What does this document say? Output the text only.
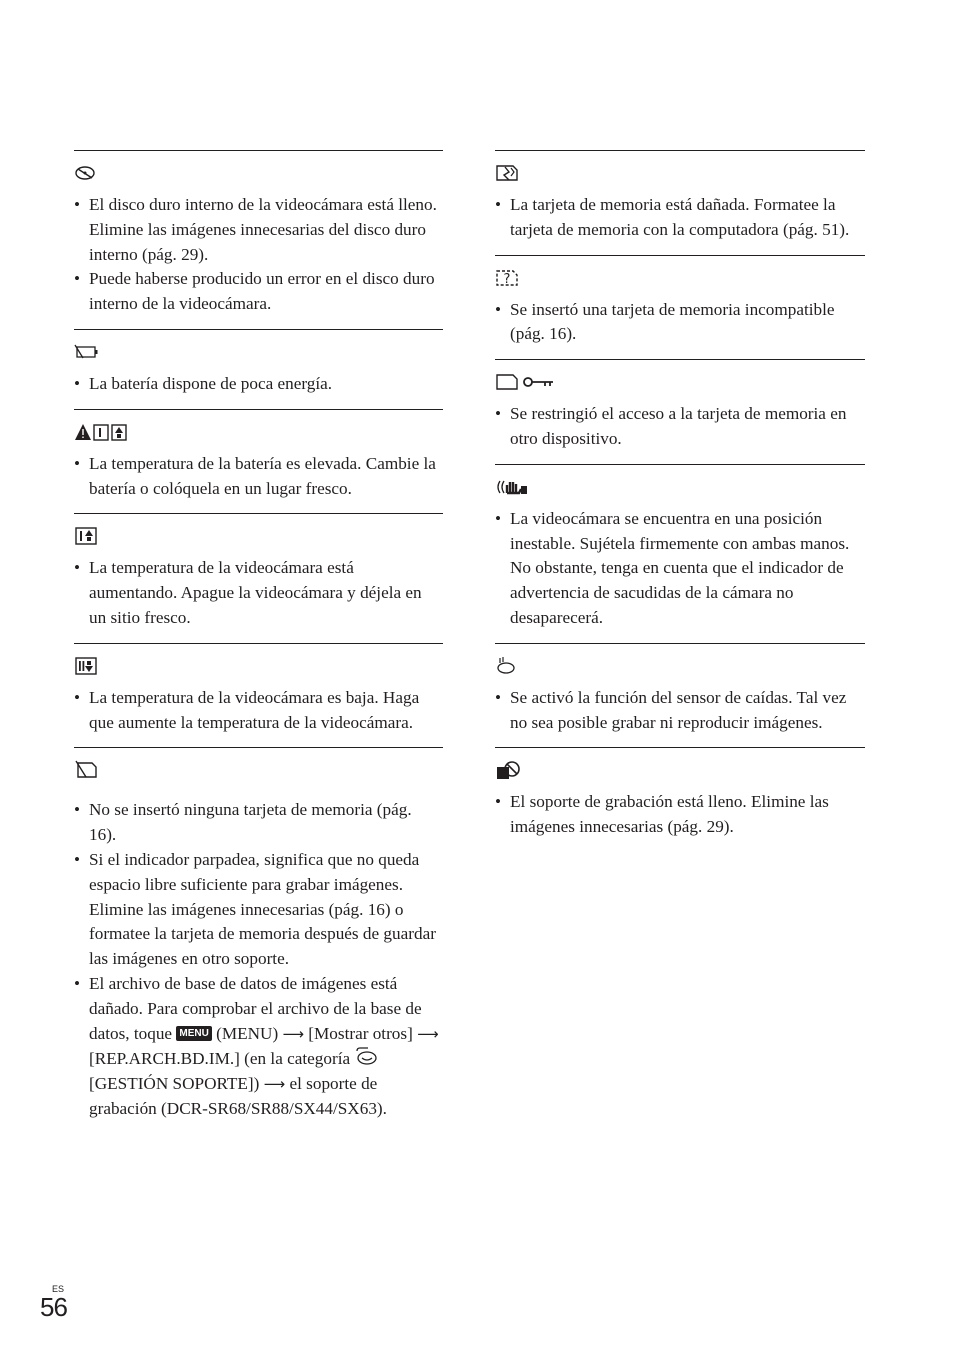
• El disco duro interno de la videocámara está lleno. Elimine las imágenes innecesarias del disco duro interno (pág. 29).
• Puede haberse producido un error en el disco duro interno de la videocámara.
• La batería dispone de poca energía.
• La temperatura de la batería es elevada. Cambie la batería o colóquela en un lugar fresco.
• La temperatura de la videocámara está aumentando. Apague la videocámara y déjela en un sitio fresco.
• La temperatura de la videocámara es baja. Haga que aumente la temperatura de la videocámara.
• No se insertó ninguna tarjeta de memoria (pág. 16).
• Si el indicador parpadea, significa que no queda espacio libre suficiente para grabar imágenes. Elimine las imágenes innecesarias (pág. 16) o formatee la tarjeta de memoria después de guardar las imágenes en otro soporte.
• El archivo de base de datos de imágenes está dañado. Para comprobar el archivo de la base de datos, toque MENU (MENU) ⟶ [Mostrar otros] ⟶ [REP.ARCH.BD.IM.] (en la categoría  [GESTIÓN SOPORTE]) ⟶ el soporte de grabación (DCR-SR68/SR88/SX44/SX63).
• La tarjeta de memoria está dañada. Formatee la tarjeta de memoria con la computadora (pág. 51).
?
• Se insertó una tarjeta de memoria incompatible (pág. 16).
• Se restringió el acceso a la tarjeta de memoria en otro dispositivo.
• La videocámara se encuentra en una posición inestable. Sujétela firmemente con ambas manos. No obstante, tenga en cuenta que el indicador de advertencia de sacudidas de la cámara no desaparecerá.
• Se activó la función del sensor de caídas. Tal vez no sea posible grabar ni reproducir imágenes.
• El soporte de grabación está lleno. Elimine las imágenes innecesarias (pág. 29).
ES
56
